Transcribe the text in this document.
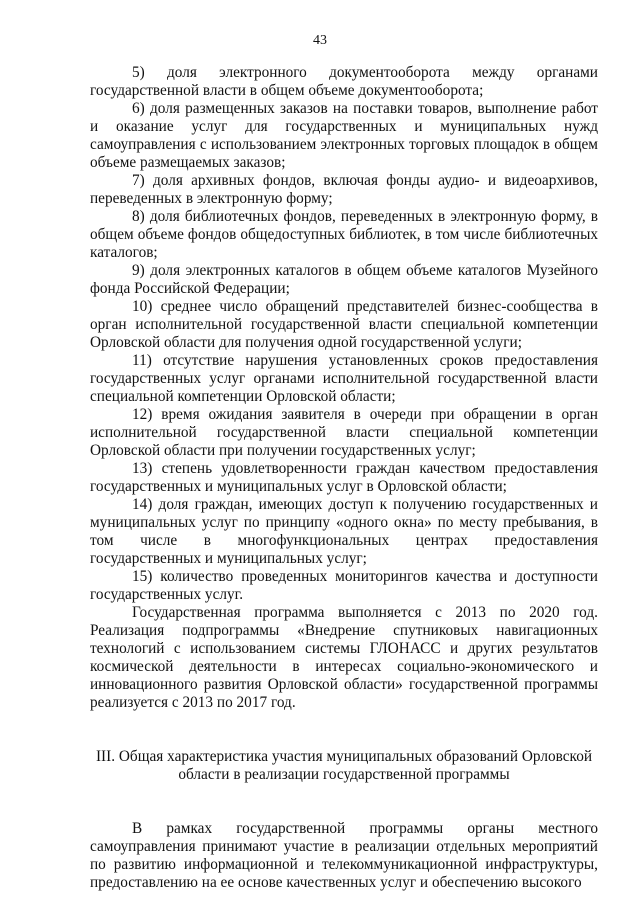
43

5) доля электронного документооборота между органами государственной власти в общем объеме документооборота;

6) доля размещенных заказов на поставки товаров, выполнение работ и оказание услуг для государственных и муниципальных нужд самоуправления с использованием электронных торговых площадок в общем объеме размещаемых заказов;

7) доля архивных фондов, включая фонды аудио- и видеоархивов, переведенных в электронную форму;

8) доля библиотечных фондов, переведенных в электронную форму, в общем объеме фондов общедоступных библиотек, в том числе библиотечных каталогов;

9) доля электронных каталогов в общем объеме каталогов Музейного фонда Российской Федерации;

10) среднее число обращений представителей бизнес-сообщества в орган исполнительной государственной власти специальной компетенции Орловской области для получения одной государственной услуги;

11) отсутствие нарушения установленных сроков предоставления государственных услуг органами исполнительной государственной власти специальной компетенции Орловской области;

12) время ожидания заявителя в очереди при обращении в орган исполнительной государственной власти специальной компетенции Орловской области при получении государственных услуг;

13) степень удовлетворенности граждан качеством предоставления государственных и муниципальных услуг в Орловской области;

14) доля граждан, имеющих доступ к получению государственных и муниципальных услуг по принципу «одного окна» по месту пребывания, в том числе в многофункциональных центрах предоставления государственных и муниципальных услуг;

15) количество проведенных мониторингов качества и доступности государственных услуг.

Государственная программа выполняется с 2013 по 2020 год. Реализация подпрограммы «Внедрение спутниковых навигационных технологий с использованием системы ГЛОНАСС и других результатов космической деятельности в интересах социально-экономического и инновационного развития Орловской области» государственной программы реализуется с 2013 по 2017 год.

III. Общая характеристика участия муниципальных образований Орловской
области в реализации государственной программы

В рамках государственной программы органы местного самоуправления принимают участие в реализации отдельных мероприятий по развитию информационной и телекоммуникационной инфраструктуры, предоставлению на ее основе качественных услуг и обеспечению высокого
